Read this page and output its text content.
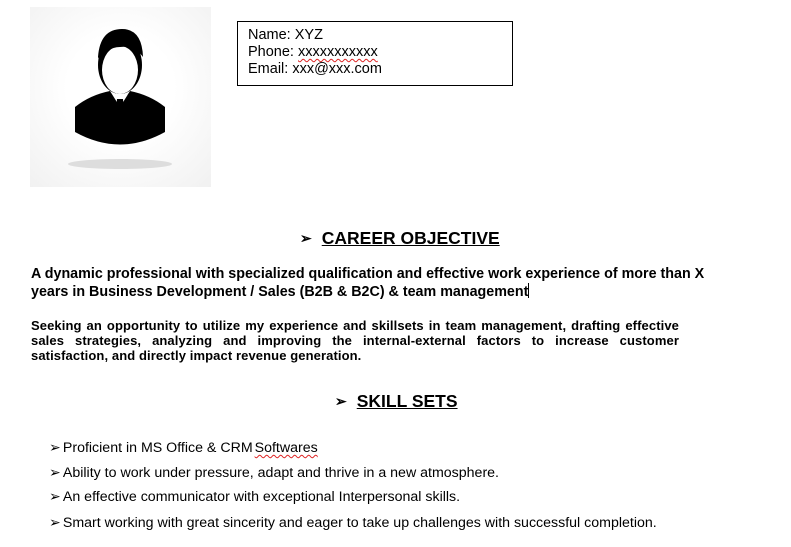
Name: XYZ
Phone: xxxxxxxxxxx
Email: xxx@xxx.com
➢ CAREER OBJECTIVE
A dynamic professional with specialized qualification and effective work experience of more than X years in Business Development / Sales (B2B & B2C) & team management
Seeking an opportunity to utilize my experience and skillsets in team management, drafting effective sales strategies, analyzing and improving the internal-external factors to increase customer satisfaction, and directly impact revenue generation.
➢ SKILL SETS
➢ Proficient in MS Office & CRM Softwares
➢ Ability to work under pressure, adapt and thrive in a new atmosphere.
➢ An effective communicator with exceptional Interpersonal skills.
➢ Smart working with great sincerity and eager to take up challenges with successful completion.
